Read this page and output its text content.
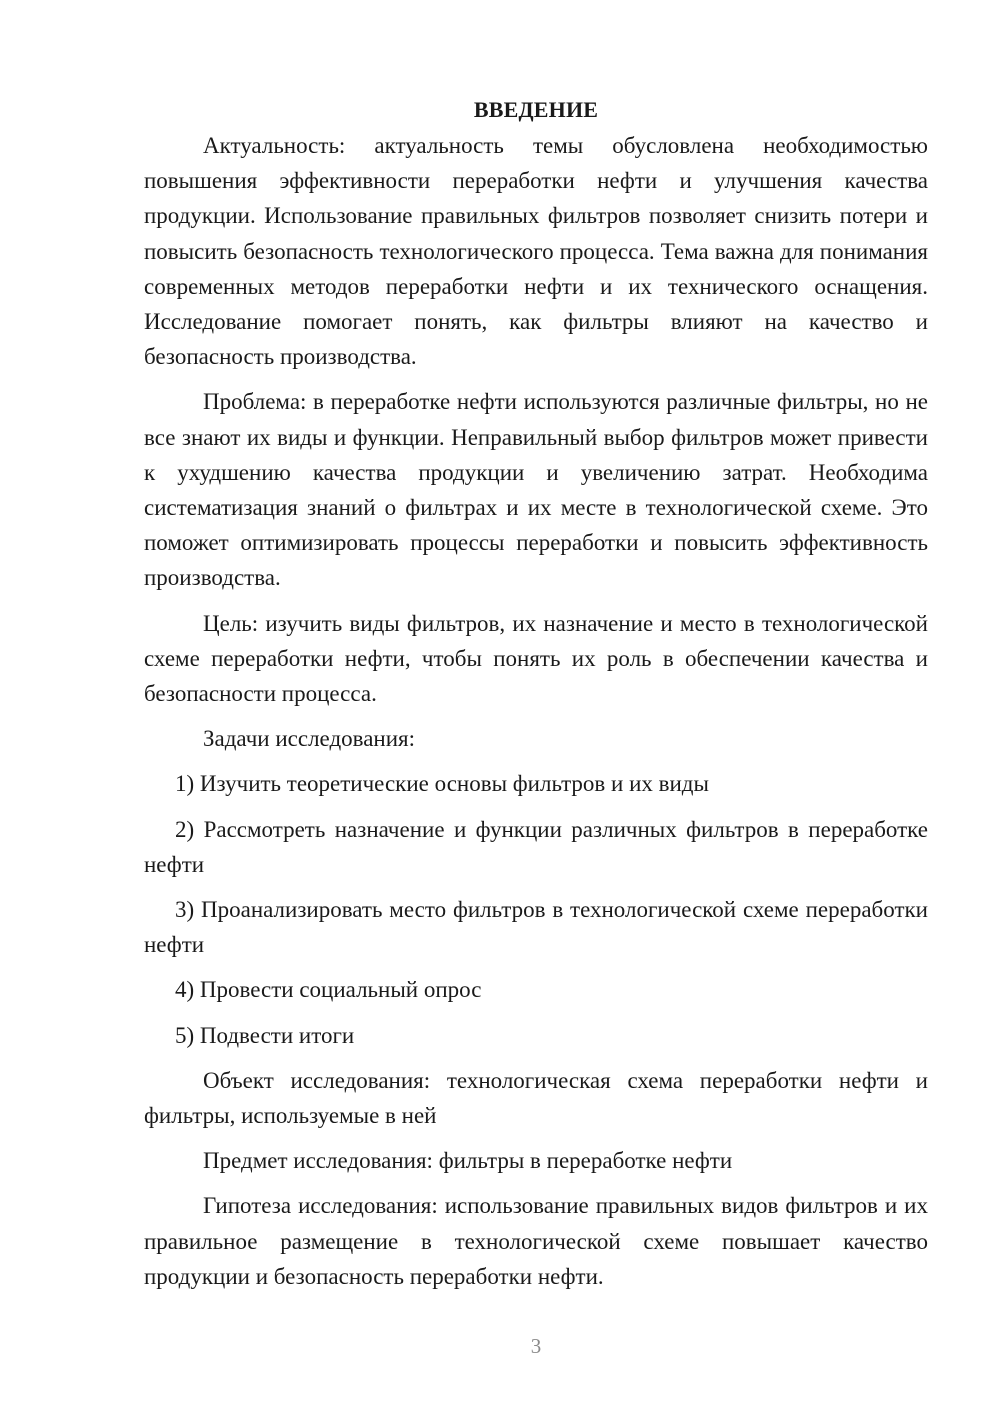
ВВЕДЕНИЕ

Актуальность: актуальность темы обусловлена необходимостью повышения эффективности переработки нефти и улучшения качества продукции. Использование правильных фильтров позволяет снизить потери и повысить безопасность технологического процесса. Тема важна для понимания современных методов переработки нефти и их технического оснащения. Исследование помогает понять, как фильтры влияют на качество и безопасность производства.

Проблема: в переработке нефти используются различные фильтры, но не все знают их виды и функции. Неправильный выбор фильтров может привести к ухудшению качества продукции и увеличению затрат. Необходима систематизация знаний о фильтрах и их месте в технологической схеме. Это поможет оптимизировать процессы переработки и повысить эффективность производства.

Цель: изучить виды фильтров, их назначение и место в технологической схеме переработки нефти, чтобы понять их роль в обеспечении качества и безопасности процесса.

Задачи исследования:

1) Изучить теоретические основы фильтров и их виды

2) Рассмотреть назначение и функции различных фильтров в переработке нефти

3) Проанализировать место фильтров в технологической схеме переработки нефти

4) Провести социальный опрос

5) Подвести итоги

Объект исследования: технологическая схема переработки нефти и фильтры, используемые в ней

Предмет исследования: фильтры в переработке нефти

Гипотеза исследования: использование правильных видов фильтров и их правильное размещение в технологической схеме повышает качество продукции и безопасность переработки нефти.

3
